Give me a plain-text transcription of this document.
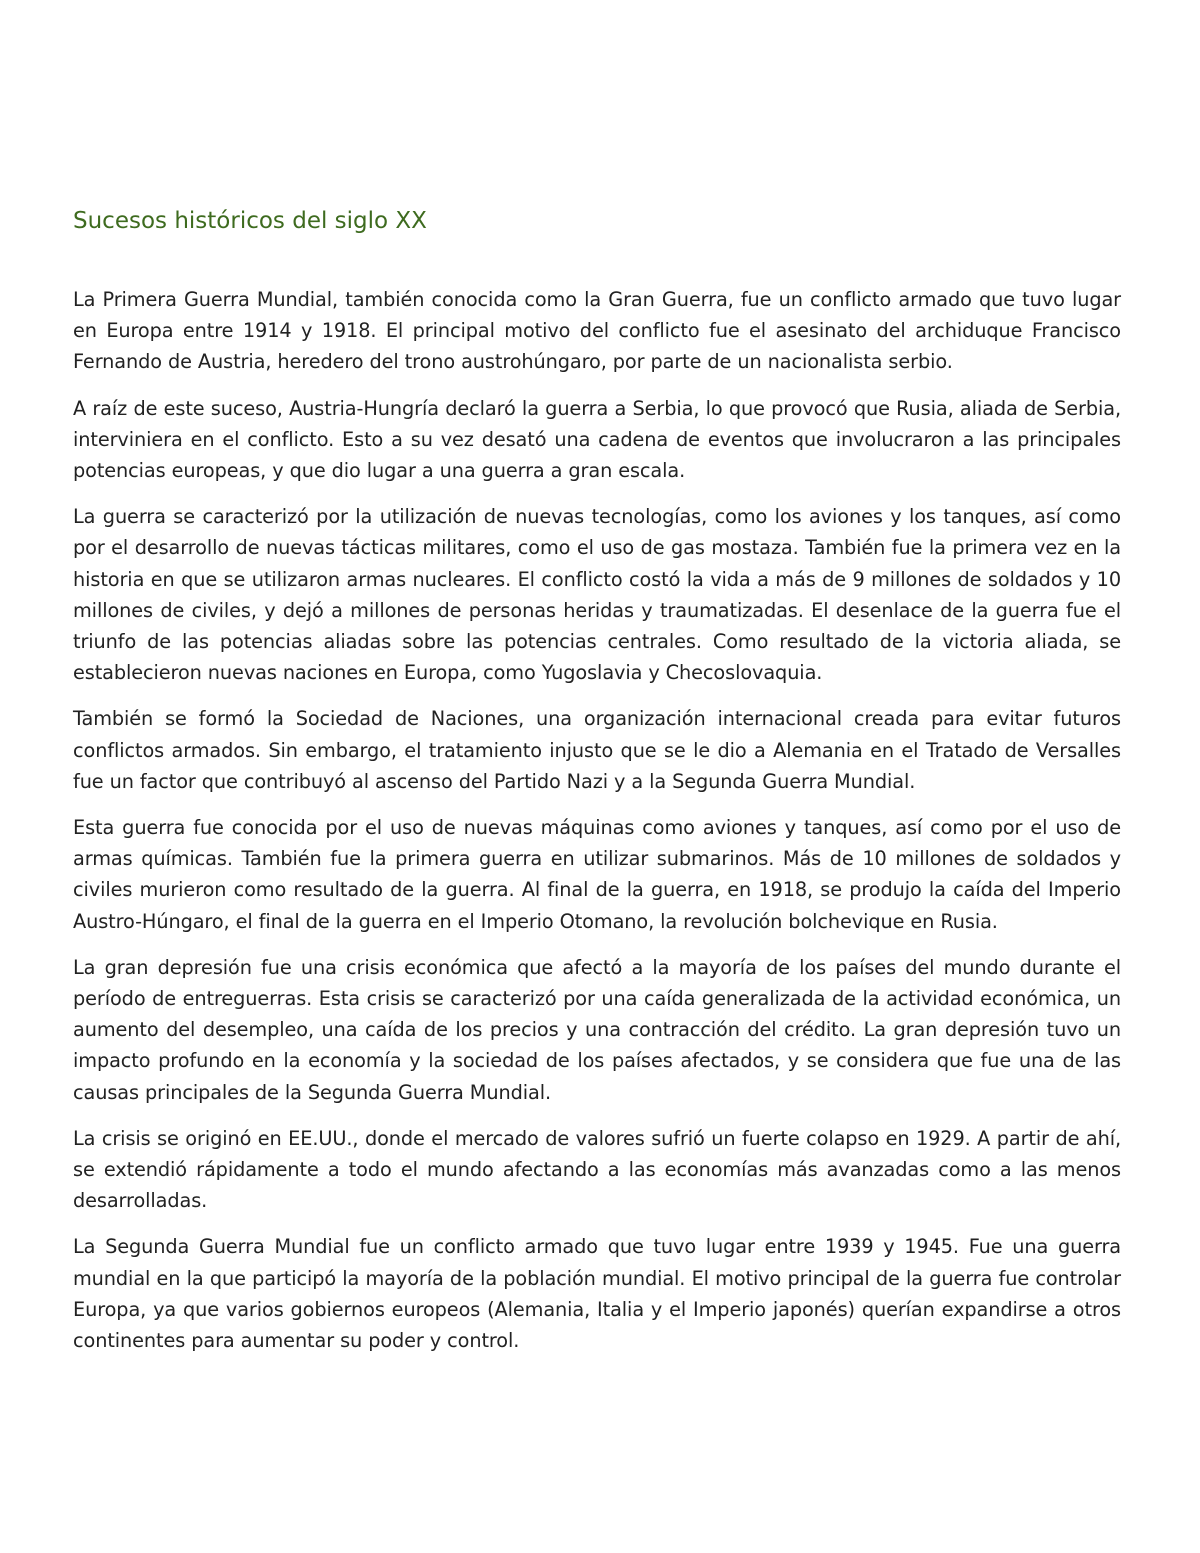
Sucesos históricos del siglo XX

La Primera Guerra Mundial, también conocida como la Gran Guerra, fue un conflicto armado que tuvo lugar en Europa entre 1914 y 1918. El principal motivo del conflicto fue el asesinato del archiduque Francisco Fernando de Austria, heredero del trono austrohúngaro, por parte de un nacionalista serbio.

A raíz de este suceso, Austria-Hungría declaró la guerra a Serbia, lo que provocó que Rusia, aliada de Serbia, interviniera en el conflicto. Esto a su vez desató una cadena de eventos que involucraron a las principales potencias europeas, y que dio lugar a una guerra a gran escala.

La guerra se caracterizó por la utilización de nuevas tecnologías, como los aviones y los tanques, así como por el desarrollo de nuevas tácticas militares, como el uso de gas mostaza. También fue la primera vez en la historia en que se utilizaron armas nucleares. El conflicto costó la vida a más de 9 millones de soldados y 10 millones de civiles, y dejó a millones de personas heridas y traumatizadas. El desenlace de la guerra fue el triunfo de las potencias aliadas sobre las potencias centrales. Como resultado de la victoria aliada, se establecieron nuevas naciones en Europa, como Yugoslavia y Checoslovaquia.

También se formó la Sociedad de Naciones, una organización internacional creada para evitar futuros conflictos armados. Sin embargo, el tratamiento injusto que se le dio a Alemania en el Tratado de Versalles fue un factor que contribuyó al ascenso del Partido Nazi y a la Segunda Guerra Mundial.

Esta guerra fue conocida por el uso de nuevas máquinas como aviones y tanques, así como por el uso de armas químicas. También fue la primera guerra en utilizar submarinos. Más de 10 millones de soldados y civiles murieron como resultado de la guerra. Al final de la guerra, en 1918, se produjo la caída del Imperio Austro-Húngaro, el final de la guerra en el Imperio Otomano, la revolución bolchevique en Rusia.

La gran depresión fue una crisis económica que afectó a la mayoría de los países del mundo durante el período de entreguerras. Esta crisis se caracterizó por una caída generalizada de la actividad económica, un aumento del desempleo, una caída de los precios y una contracción del crédito. La gran depresión tuvo un impacto profundo en la economía y la sociedad de los países afectados, y se considera que fue una de las causas principales de la Segunda Guerra Mundial.

La crisis se originó en EE.UU., donde el mercado de valores sufrió un fuerte colapso en 1929. A partir de ahí, se extendió rápidamente a todo el mundo afectando a las economías más avanzadas como a las menos desarrolladas.

La Segunda Guerra Mundial fue un conflicto armado que tuvo lugar entre 1939 y 1945. Fue una guerra mundial en la que participó la mayoría de la población mundial. El motivo principal de la guerra fue controlar Europa, ya que varios gobiernos europeos (Alemania, Italia y el Imperio japonés) querían expandirse a otros continentes para aumentar su poder y control.
